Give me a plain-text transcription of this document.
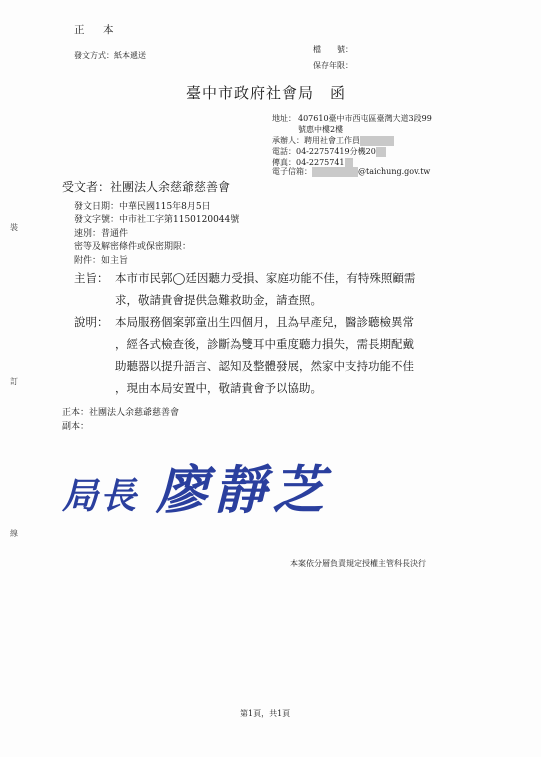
正　本
發文方式：紙本遞送
檔　　號：
保存年限：
臺中市政府社會局　函
地址： 407610臺中市西屯區臺灣大道3段99
號惠中樓2樓
承辦人：聘用社會工作員
電話：04-22757419分機20
傳真：04-2275741
電子信箱：	@taichung.gov.tw
受文者：社團法人余慈爺慈善會
發文日期：中華民國115年8月5日
發文字號：中市社工字第1150120044號
速別：普通件
密等及解密條件或保密期限：
附件：如主旨
主旨： 本市市民郭◯廷因聽力受損、家庭功能不佳，有特殊照顧需
求，敬請貴會提供急難救助金，請查照。
說明： 本局服務個案郭童出生四個月，且為早產兒，醫診聽檢異常
，經各式檢查後，診斷為雙耳中重度聽力損失，需長期配戴
助聽器以提升語言、認知及整體發展，然家中支持功能不佳
，現由本局安置中，敬請貴會予以協助。
正本：社團法人余慈爺慈善會
副本：
局長 廖靜芝
本案依分層負責規定授權主管科長決行
裝
訂
線
第1頁，共1頁
